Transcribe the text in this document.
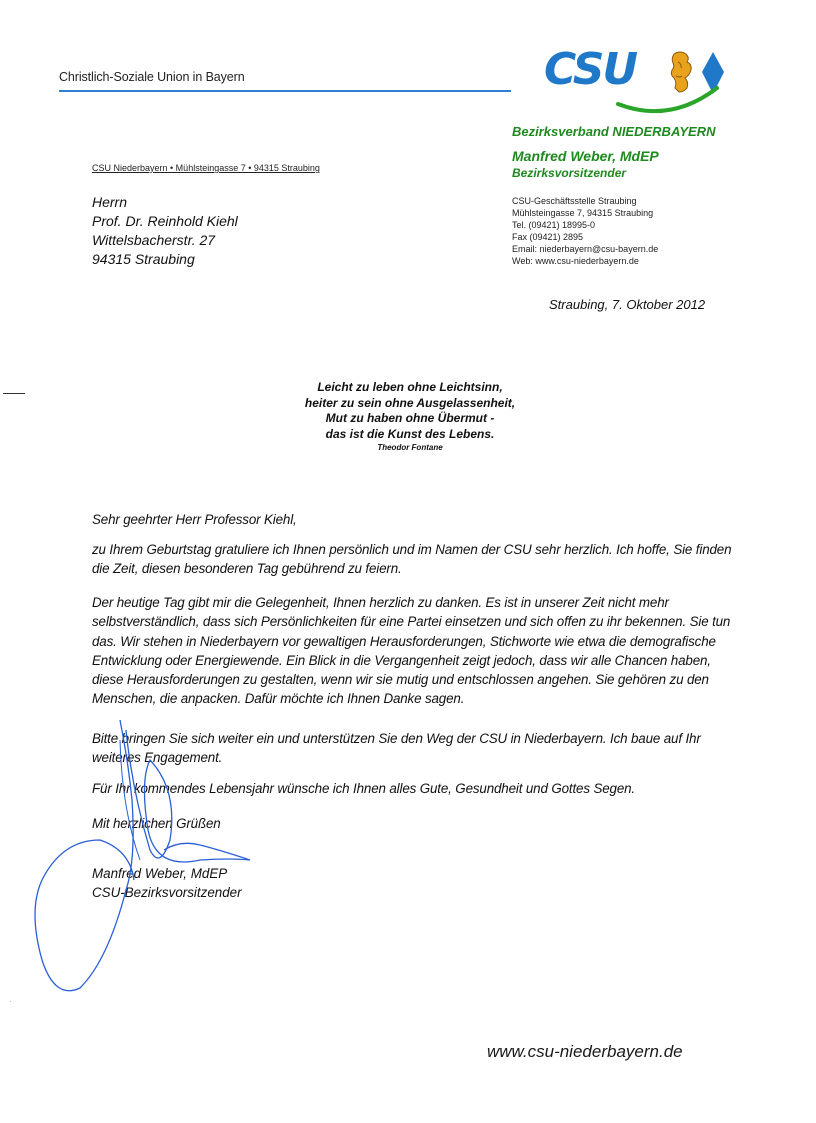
Christlich-Soziale Union in Bayern	CSU
Bezirksverband NIEDERBAYERN
Manfred Weber, MdEP
Bezirksvorsitzender
CSU Niederbayern • Mühlsteingasse 7 • 94315 Straubing
Herrn
Prof. Dr. Reinhold Kiehl
Wittelsbacherstr. 27
94315 Straubing
CSU-Geschäftsstelle Straubing
Mühlsteingasse 7, 94315 Straubing
Tel. (09421) 18995-0
Fax (09421) 2895
Email: niederbayern@csu-bayern.de
Web: www.csu-niederbayern.de
Straubing, 7. Oktober 2012
Leicht zu leben ohne Leichtsinn,
heiter zu sein ohne Ausgelassenheit,
Mut zu haben ohne Übermut -
das ist die Kunst des Lebens.
Theodor Fontane
Sehr geehrter Herr Professor Kiehl,
zu Ihrem Geburtstag gratuliere ich Ihnen persönlich und im Namen der CSU sehr herzlich. Ich hoffe, Sie finden die Zeit, diesen besonderen Tag gebührend zu feiern.
Der heutige Tag gibt mir die Gelegenheit, Ihnen herzlich zu danken. Es ist in unserer Zeit nicht mehr selbstverständlich, dass sich Persönlichkeiten für eine Partei einsetzen und sich offen zu ihr bekennen. Sie tun das. Wir stehen in Niederbayern vor gewaltigen Herausforderungen, Stichworte wie etwa die demografische Entwicklung oder Energiewende. Ein Blick in die Vergangenheit zeigt jedoch, dass wir alle Chancen haben, diese Herausforderungen zu gestalten, wenn wir sie mutig und entschlossen angehen. Sie gehören zu den Menschen, die anpacken. Dafür möchte ich Ihnen Danke sagen.
Bitte bringen Sie sich weiter ein und unterstützen Sie den Weg der CSU in Niederbayern. Ich baue auf Ihr weiteres Engagement.
Für Ihr kommendes Lebensjahr wünsche ich Ihnen alles Gute, Gesundheit und Gottes Segen.
Mit herzlichen Grüßen
Manfred Weber, MdEP
CSU-Bezirksvorsitzender
www.csu-niederbayern.de
